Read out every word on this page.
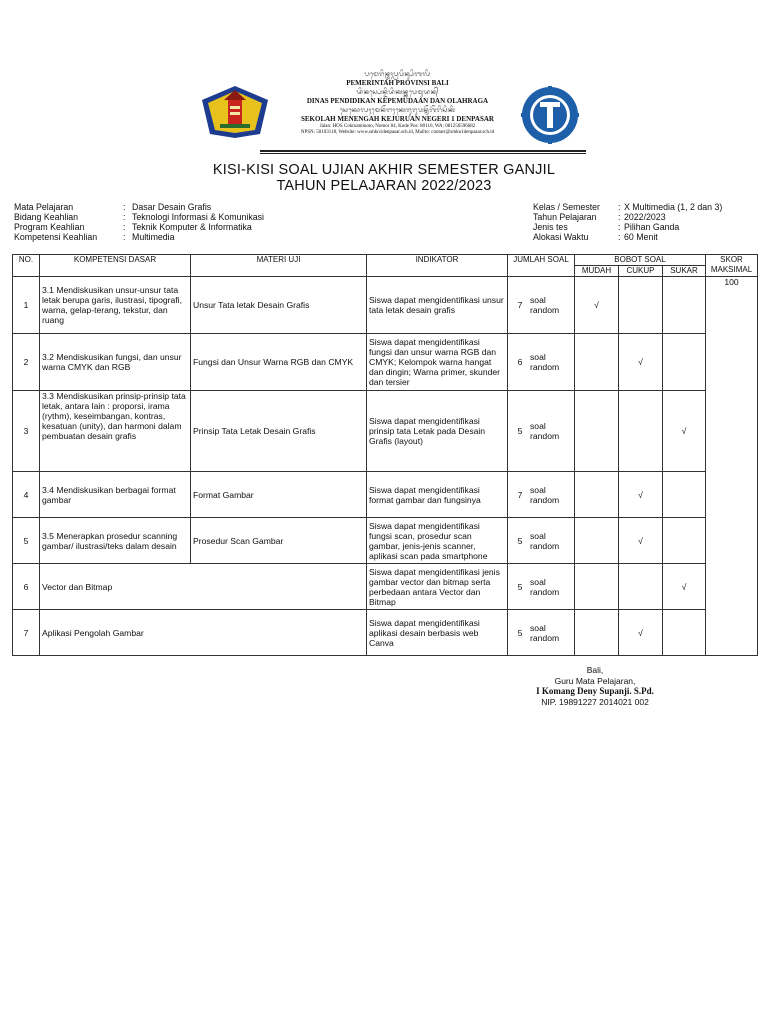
ᬧᬫᬾᬭᬶᬦ᭄ᬢᬄᬧ᭄ᬭᬧᬶᬦ᭄ᬲᬶᬩᬮᬶ
PEMERINTAH PROVINSI BALI
ᬤᬶᬦᬲ᭄ᬧᬾᬦ᭄ᬤᬶᬤᬶᬓᬦ᭄ᬓᬧᬾᬫᬸᬤᬦ᭄
DINAS PENDIDIKAN KEPEMUDAAN DAN OLAHRAGA
ᬲᬾᬓᭀᬮᬄᬫᬾᬦᭂᬗᬄᬓᬾᬚᬸᬭᬸᬯᬦ᭄ᬦᭂᬕᭂᬭᬶᬲᬶᬓᬶ
SEKOLAH MENENGAH KEJURUAN NEGERI 1 DENPASAR
Jalan: HOS Cokroaminoto, Nomor 84, Kode Pos: 80116, WA: 081256596682
NPSN: 50103118, Website: www.smkn1denpasar.sch.id, Mailto: contact@smkn1denpasar.sch.id
KISI-KISI SOAL UJIAN AKHIR SEMESTER GANJIL
TAHUN PELAJARAN 2022/2023
Mata Pelajaran	:	Dasar Desain Grafis
Bidang Keahlian	:	Teknologi Informasi & Komunikasi
Program Keahlian	:	Teknik Komputer & Informatika
Kompetensi Keahlian	:	Multimedia
Kelas / Semester	:	X Multimedia (1, 2 dan 3)
Tahun Pelajaran	:	2022/2023
Jenis tes	:	Pilihan Ganda
Alokasi Waktu	:	60 Menit
NO.	KOMPETENSI DASAR	MATERI UJI	INDIKATOR	JUMLAH SOAL	BOBOT SOAL			SKOR MAKSIMAL
					MUDAH	CUKUP	SUKAR	
1	3.1 Mendiskusikan unsur-unsur tata letak berupa garis, ilustrasi, tipografi, warna, gelap-terang, tekstur, dan ruang	Unsur Tata letak Desain Grafis	Siswa dapat mengidentifikasi unsur tata letak desain grafis	7 soal random	√			100
2	3.2 Mendiskusikan fungsi, dan unsur warna CMYK dan RGB	Fungsi dan Unsur Warna RGB dan CMYK	Siswa dapat mengidentifikasi fungsi dan unsur warna RGB dan CMYK; Kelompok warna hangat dan dingin; Warna primer, skunder dan tersier	6 soal random		√		
3	3.3 Mendiskusikan prinsip-prinsip tata letak, antara lain : proporsi, irama (rythm), keseimbangan, kontras, kesatuan (unity), dan harmoni dalam pembuatan desain grafis	Prinsip Tata Letak Desain Grafis	Siswa dapat mengidentifikasi prinsip tata Letak pada Desain Grafis (layout)	5 soal random			√	
4	3.4 Mendiskusikan berbagai format gambar	Format Gambar	Siswa dapat mengidentifikasi format gambar dan fungsinya	7 soal random		√		
5	3.5 Menerapkan prosedur scanning gambar/ ilustrasi/teks dalam desain	Prosedur Scan Gambar	Siswa dapat mengidentifikasi fungsi scan, prosedur scan gambar, jenis-jenis scanner, aplikasi scan pada smartphone	5 soal random		√		
6	Vector dan Bitmap		Siswa dapat mengidentifikasi jenis gambar vector dan bitmap serta perbedaan antara Vector dan Bitmap	5 soal random			√	
7	Aplikasi Pengolah Gambar		Siswa dapat mengidentifikasi aplikasi desain berbasis web Canva	5 soal random		√		
Bali,
Guru Mata Pelajaran,
I Komang Deny Supanji. S.Pd.
NIP. 19891227 2014021 002
